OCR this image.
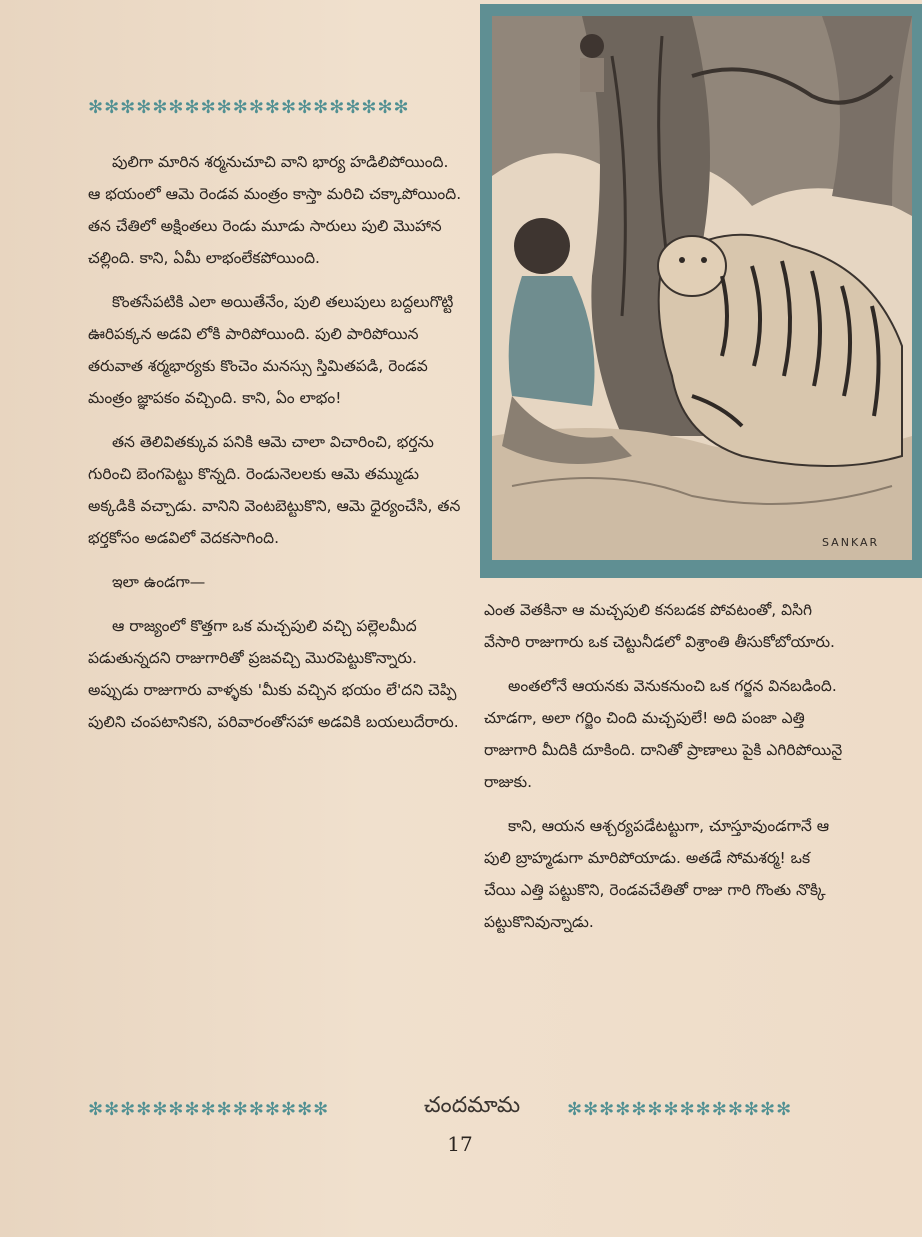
✻✻✻✻✻✻✻✻✻✻✻✻✻✻✻✻✻✻✻✻

పులిగా మారిన శర్మనుచూచి వాని భార్య హడిలిపోయింది. ఆ భయంలో ఆమె రెండవ మంత్రం కాస్తా మరిచి చక్కాపోయింది. తన చేతిలో అక్షింతలు రెండు మూడు సారులు పులి మొహాన చల్లింది. కాని, ఏమీ లాభంలేకపోయింది.

కొంతసేపటికి ఎలా అయితేనేం, పులి తలుపులు బద్దలుగొట్టి ఊరిపక్కన అడవి లోకి పారిపోయింది. పులి పారిపోయిన తరువాత శర్మభార్యకు కొంచెం మనస్సు స్తిమితపడి, రెండవ మంత్రం జ్ఞాపకం వచ్చింది. కాని, ఏం లాభం!

తన తెలివితక్కువ పనికి ఆమె చాలా విచారించి, భర్తను గురించి బెంగపెట్టు కొన్నది. రెండునెలలకు ఆమె తమ్ముడు అక్కడికి వచ్చాడు. వానిని వెంటబెట్టుకొని, ఆమె ధైర్యంచేసి, తన భర్తకోసం అడవిలో వెదకసాగింది.

ఇలా ఉండగా—

ఆ రాజ్యంలో కొత్తగా ఒక మచ్చపులి వచ్చి పల్లెలమీద పడుతున్నదని రాజుగారితో ప్రజవచ్చి మొరపెట్టుకొన్నారు. అప్పుడు రాజుగారు వాళ్ళకు 'మీకు వచ్చిన భయం లే'దని చెప్పి పులిని చంపటానికని, పరివారంతోసహా అడవికి బయలుదేరారు.

SANKAR

ఎంత వెతకినా ఆ మచ్చపులి కనబడక పోవటంతో, విసిగి వేసారి రాజుగారు ఒక చెట్టునీడలో విశ్రాంతి తీసుకోబోయారు.

అంతలోనే ఆయనకు వెనుకనుంచి ఒక గర్జన వినబడింది. చూడగా, అలా గర్జిం చింది మచ్చపులే! అది పంజా ఎత్తి రాజుగారి మీదికి దూకింది. దానితో ప్రాణాలు పైకి ఎగిరిపోయినై రాజుకు.

కాని, ఆయన ఆశ్చర్యపడేటట్టుగా, చూస్తూవుండగానే ఆ పులి బ్రాహ్మడుగా మారిపోయాడు. అతడే సోమశర్మ! ఒక చేయి ఎత్తి పట్టుకొని, రెండవచేతితో రాజు గారి గొంతు నొక్కి పట్టుకొనివున్నాడు.

✻✻✻✻✻✻✻✻✻✻✻✻✻✻✻	చందమామ	✻✻✻✻✻✻✻✻✻✻✻✻✻✻
17
